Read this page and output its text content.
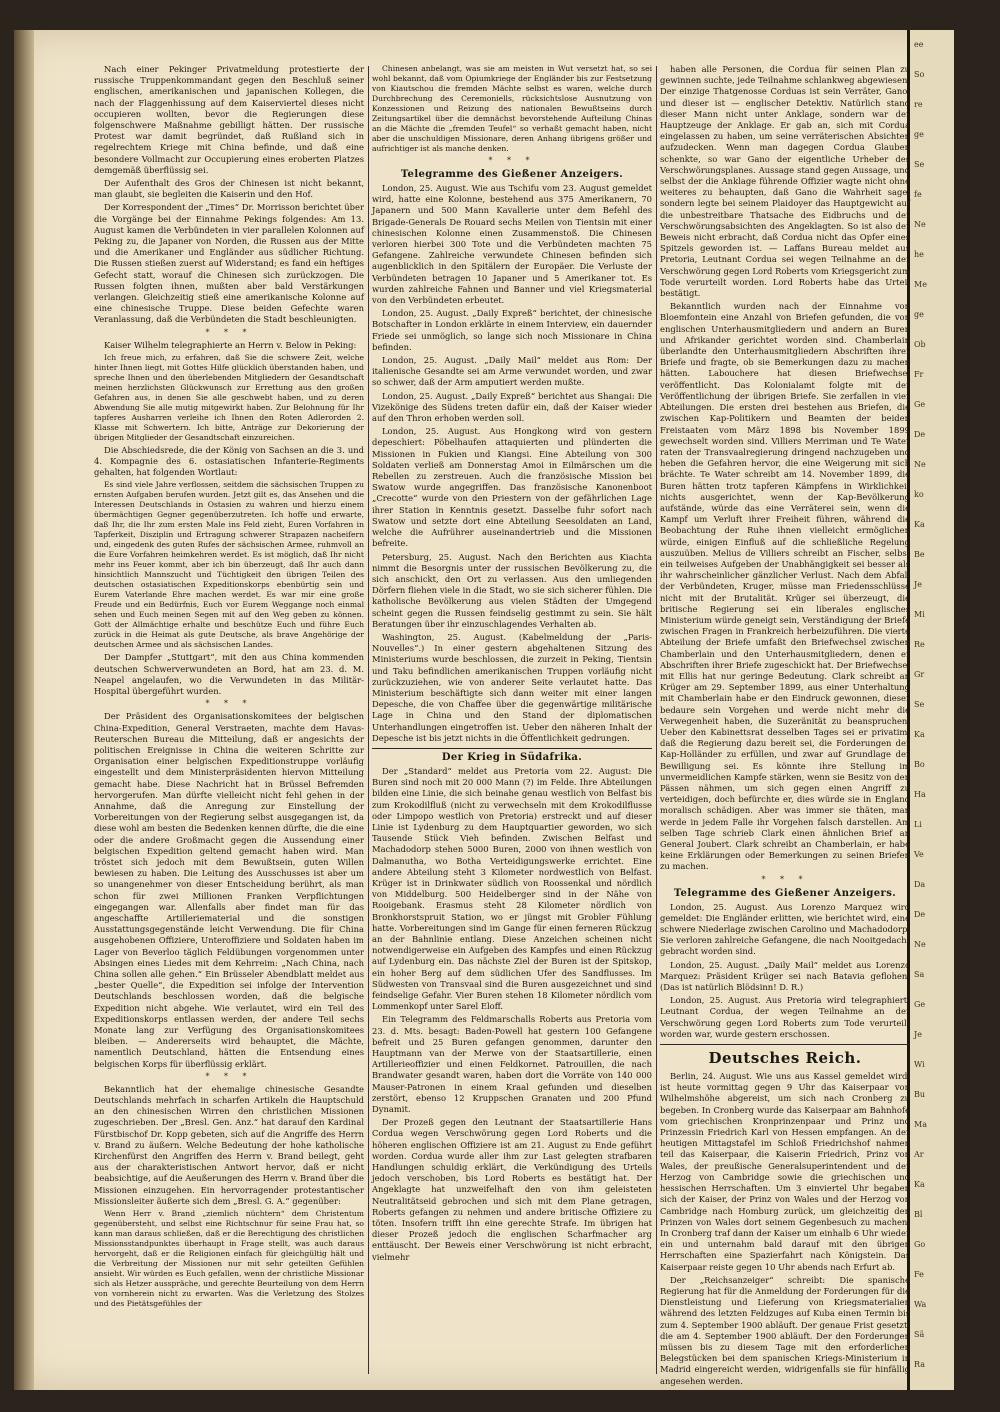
ee
So
re
ge
Se
fe
Ne
he
Me
ge
Ob
Fr
Ge
De
Ne
ko
Ka
Be
Je
Mi
Re
Gr
Se
Ka
Bo
Ha
Li
Ve
Da
De
Ne
Sa
Ge
Je
Wi
Bu
Ma
Ar
Ka
Bl
Go
Fe
Wa
Sä
Ra

Nach einer Pekinger Privatmeldung protestierte der russische Truppenkommandant gegen den Beschluß seiner englischen, amerikanischen und japanischen Kollegen, die nach der Flaggenhissung auf dem Kaiserviertel dieses nicht occupieren wollten, bevor die Regierungen diese folgenschwere Maßnahme gebilligt hätten. Der russische Protest war damit begründet, daß Rußland sich in regelrechtem Kriege mit China befinde, und daß eine besondere Vollmacht zur Occupierung eines eroberten Platzes demgemäß überflüssig sei.

Der Aufenthalt des Gros der Chinesen ist nicht bekannt, man glaubt, sie begleiten die Kaiserin und den Hof.

Der Korrespondent der „Times“ Dr. Morrisson berichtet über die Vorgänge bei der Einnahme Pekings folgendes: Am 13. August kamen die Verbündeten in vier parallelen Kolonnen auf Peking zu, die Japaner von Norden, die Russen aus der Mitte und die Amerikaner und Engländer aus südlicher Richtung. Die Russen stießen zuerst auf Widerstand; es fand ein heftiges Gefecht statt, worauf die Chinesen sich zurückzogen. Die Russen folgten ihnen, mußten aber bald Verstärkungen verlangen. Gleichzeitig stieß eine amerikanische Kolonne auf eine chinesische Truppe. Diese beiden Gefechte waren Veranlassung, daß die Verbündeten die Stadt beschleunigten.

* * *

Kaiser Wilhelm telegraphierte an Herrn v. Below in Peking:

Ich freue mich, zu erfahren, daß Sie die schwere Zeit, welche hinter Ihnen liegt, mit Gottes Hilfe glücklich überstanden haben, und spreche Ihnen und den überlebenden Mitgliedern der Gesandtschaft meinen herzlichsten Glückwunsch zur Errettung aus den großen Gefahren aus, in denen Sie alle geschwebt haben, und zu deren Abwendung Sie alle mutig mitgewirkt haben. Zur Belohnung für Ihr tapferes Ausharren verleihe ich Ihnen den Roten Adlerorden 2. Klasse mit Schwertern. Ich bitte, Anträge zur Dekorierung der übrigen Mitglieder der Gesandtschaft einzureichen.

Die Abschiedsrede, die der König von Sachsen an die 3. und 4. Kompagnie des 6. ostasiatischen Infanterie-Regiments gehalten, hat folgenden Wortlaut:

Es sind viele Jahre verflossen, seitdem die sächsischen Truppen zu ernsten Aufgaben berufen wurden. Jetzt gilt es, das Ansehen und die Interessen Deutschlands in Ostasien zu wahren und hierzu einem übermächtigen Gegner gegenüberzutreten. Ich hoffe und erwarte, daß Ihr, die Ihr zum ersten Male ins Feld zieht, Euren Vorfahren in Tapferkeit, Disziplin und Ertragung schwerer Strapazen nacheifern und, eingedenk des guten Rufes der sächsischen Armee, ruhmvoll an die Eure Vorfahren heimkehren werdet. Es ist möglich, daß Ihr nicht mehr ins Feuer kommt, aber ich bin überzeugt, daß Ihr auch dann hinsichtlich Mannszucht und Tüchtigkeit den übrigen Teilen des deutschen ostasiatischen Expeditionskorps ebenbürtig sein und Eurem Vaterlande Ehre machen werdet. Es war mir eine große Freude und ein Bedürfnis, Euch vor Eurem Weggange noch einmal sehen und Euch meinen Segen mit auf den Weg geben zu können. Gott der Allmächtige erhalte und beschütze Euch und führe Euch zurück in die Heimat als gute Deutsche, als brave Angehörige der deutschen Armee und als sächsischen Landes.

Der Dampfer „Stuttgart“, mit den aus China kommenden deutschen Schwerverwundeten an Bord, hat am 23. d. M. Neapel angelaufen, wo die Verwundeten in das Militär-Hospital übergeführt wurden.

* * *

Der Präsident des Organisationskomitees der belgischen China-Expedition, General Verstraeten, machte dem Havas-Reuterschen Bureau die Mitteilung, daß er angesichts der politischen Ereignisse in China die weiteren Schritte zur Organisation einer belgischen Expeditionstruppe vorläufig eingestellt und dem Ministerpräsidenten hiervon Mitteilung gemacht habe. Diese Nachricht hat in Brüssel Befremden hervorgerufen. Man dürfte vielleicht nicht fehl gehen in der Annahme, daß die Anregung zur Einstellung der Vorbereitungen von der Regierung selbst ausgegangen ist, da diese wohl am besten die Bedenken kennen dürfte, die die eine oder die andere Großmacht gegen die Aussendung einer belgischen Expedition geltend gemacht haben wird. Man tröstet sich jedoch mit dem Bewußtsein, guten Willen bewiesen zu haben. Die Leitung des Ausschusses ist aber um so unangenehmer von dieser Entscheidung berührt, als man schon für zwei Millionen Franken Verpflichtungen eingegangen war. Allenfalls aber findet man für das angeschaffte Artilleriematerial und die sonstigen Ausstattungsgegenstände leicht Verwendung. Die für China ausgehobenen Offiziere, Unteroffiziere und Soldaten haben im Lager von Beverloo täglich Feldübungen vorgenommen unter Absingen eines Liedes mit dem Kehrreim: „Nach China, nach China sollen alle gehen.“ Ein Brüsseler Abendblatt meldet aus „bester Quelle“, die Expedition sei infolge der Intervention Deutschlands beschlossen worden, daß die belgische Expedition nicht abgehe. Wie verlautet, wird ein Teil des Expeditionskorps entlassen werden, der andere Teil sechs Monate lang zur Verfügung des Organisationskomitees bleiben. — Andererseits wird behauptet, die Mächte, namentlich Deutschland, hätten die Entsendung eines belgischen Korps für überflüssig erklärt.

* * *

Bekanntlich hat der ehemalige chinesische Gesandte Deutschlands mehrfach in scharfen Artikeln die Hauptschuld an den chinesischen Wirren den christlichen Missionen zugeschrieben. Der „Bresl. Gen. Anz.“ hat darauf den Kardinal Fürstbischof Dr. Kopp gebeten, sich auf die Angriffe des Herrn v. Brand zu äußern. Welche Bedeutung der hohe katholische Kirchenfürst den Angriffen des Herrn v. Brand beilegt, geht aus der charakteristischen Antwort hervor, daß er nicht beabsichtige, auf die Aeußerungen des Herrn v. Brand über die Missionen einzugehen. Ein hervorragender protestantischer Missionsleiter äußerte sich dem „Bresl. G. A.“ gegenüber:

Wenn Herr v. Brand „ziemlich nüchtern“ dem Christentum gegenübersteht, und selbst eine Richtschnur für seine Frau hat, so kann man daraus schließen, daß er die Berechtigung des christlichen Missionsstandpunktes überhaupt in Frage stellt, was auch daraus hervorgeht, daß er die Religionen einfach für gleichgültig hält und die Verbreitung der Missionen nur mit sehr geteilten Gefühlen ansieht. Wir würden es Euch gefallen, wenn der christliche Missionar sich als Hetzer ausspräche, und gerechte Beurteilung von dem Herrn von vornherein nicht zu erwarten. Was die Verletzung des Stolzes und des Pietätsgefühles der

Chinesen anbelangt, was sie am meisten in Wut versetzt hat, so sei wohl bekannt, daß vom Opiumkriege der Engländer bis zur Festsetzung von Kiautschou die fremden Mächte selbst es waren, welche durch Durchbrechung des Ceremoniells, rücksichtslose Ausnutzung von Konzessionen und Reizung des nationalen Bewußtseins durch Zeitungsartikel über die demnächst bevorstehende Aufteilung Chinas an die Mächte die „fremden Teufel“ so verhaßt gemacht haben, nicht aber die unschuldigen Missionare, deren Anhang übrigens größer und aufrichtiger ist als manche denken.

* * *
Telegramme des Gießener Anzeigers.

London, 25. August. Wie aus Tschifu vom 23. August gemeldet wird, hatte eine Kolonne, bestehend aus 375 Amerikanern, 70 Japanern und 500 Mann Kavallerie unter dem Befehl des Brigade-Generals De Rouard sechs Meilen von Tientsin mit einer chinesischen Kolonne einen Zusammenstoß. Die Chinesen verloren hierbei 300 Tote und die Verbündeten machten 75 Gefangene. Zahlreiche verwundete Chinesen befinden sich augenblicklich in den Spitälern der Europäer. Die Verluste der Verbündeten betragen 10 Japaner und 5 Amerikaner tot. Es wurden zahlreiche Fahnen und Banner und viel Kriegsmaterial von den Verbündeten erbeutet.

London, 25. August. „Daily Expreß“ berichtet, der chinesische Botschafter in London erklärte in einem Interview, ein dauernder Friede sei unmöglich, so lange sich noch Missionare in China befinden.

London, 25. August. „Daily Mail“ meldet aus Rom: Der italienische Gesandte sei am Arme verwundet worden, und zwar so schwer, daß der Arm amputiert werden mußte.

London, 25. August. „Daily Expreß“ berichtet aus Shangai: Die Vizekönige des Südens treten dafür ein, daß der Kaiser wieder auf den Thron erhoben werden soll.

London, 25. August. Aus Hongkong wird von gestern depeschiert: Pöbelhaufen attaquierten und plünderten die Missionen in Fukien und Kiangsi. Eine Abteilung von 300 Soldaten verließ am Donnerstag Amoi in Eilmärschen um die Rebellen zu zerstreuen. Auch die französische Mission bei Swatow wurde angegriffen. Das französische Kanonenboot „Crecotte“ wurde von den Priestern von der gefährlichen Lage ihrer Station in Kenntnis gesetzt. Dasselbe fuhr sofort nach Swatow und setzte dort eine Abteilung Seesoldaten an Land, welche die Aufrührer auseinandertrieb und die Missionen befreite.

Petersburg, 25. August. Nach den Berichten aus Kiachta nimmt die Besorgnis unter der russischen Bevölkerung zu, die sich anschickt, den Ort zu verlassen. Aus den umliegenden Dörfern fliehen viele in die Stadt, wo sie sich sicherer fühlen. Die katholische Bevölkerung aus vielen Städten der Umgegend scheint gegen die Russen feindselig gestimmt zu sein. Sie hält Beratungen über ihr einzuschlagendes Verhalten ab.

Washington, 25. August. (Kabelmeldung der „Paris-Nouvelles“.) In einer gestern abgehaltenen Sitzung des Ministeriums wurde beschlossen, die zurzeit in Peking, Tientsin und Taku befindlichen amerikanischen Truppen vorläufig nicht zurückzuziehen, wie von anderer Seite verlautet hatte. Das Ministerium beschäftigte sich dann weiter mit einer langen Depesche, die von Chaffee über die gegenwärtige militärische Lage in China und den Stand der diplomatischen Unterhandlungen eingetroffen ist. Ueber den näheren Inhalt der Depesche ist bis jetzt nichts in die Öffentlichkeit gedrungen.

Der Krieg in Südafrika.

Der „Standard“ meldet aus Pretoria vom 22. August: Die Buren sind noch mit 20 000 Mann (?) im Felde. Ihre Abteilungen bilden eine Linie, die sich beinahe genau westlich von Belfast bis zum Krokodilfluß (nicht zu verwechseln mit dem Krokodilflusse oder Limpopo westlich von Pretoria) erstreckt und auf dieser Linie ist Lydenburg zu dem Hauptquartier geworden, wo sich Tausende Stück Vieh befinden. Zwischen Belfast und Machadodorp stehen 5000 Buren, 2000 von ihnen westlich von Dalmanutha, wo Botha Verteidigungswerke errichtet. Eine andere Abteilung steht 3 Kilometer nordwestlich von Belfast. Krüger ist in Drinkwater südlich von Roossenkal und nördlich von Middelburg. 500 Heidelberger sind in der Nähe von Rooigebank. Erasmus steht 28 Kilometer nördlich von Bronkhorstspruit Station, wo er jüngst mit Grobler Fühlung hatte. Vorbereitungen sind im Gange für einen ferneren Rückzug an der Bahnlinie entlang. Diese Anzeichen scheinen nicht notwendigerweise ein Aufgeben des Kampfes und einen Rückzug auf Lydenburg ein. Das nächste Ziel der Buren ist der Spitskop, ein hoher Berg auf dem südlichen Ufer des Sandflusses. Im Südwesten von Transvaal sind die Buren ausgezeichnet und sind feindselige Gefahr. Vier Buren stehen 18 Kilometer nördlich vom Lommenkopf unter Sarel Eloff.

Ein Telegramm des Feldmarschalls Roberts aus Pretoria vom 23. d. Mts. besagt: Baden-Powell hat gestern 100 Gefangene befreit und 25 Buren gefangen genommen, darunter den Hauptmann van der Merwe von der Staatsartillerie, einen Artillerieoffizier und einen Feldkornet. Patrouillen, die nach Brandwater gesandt waren, haben dort die Vorräte von 140 000 Mauser-Patronen in einem Kraal gefunden und dieselben zerstört, ebenso 12 Kruppschen Granaten und 200 Pfund Dynamit.

Der Prozeß gegen den Leutnant der Staatsartillerie Hans Cordua wegen Verschwörung gegen Lord Roberts und die höheren englischen Offiziere ist am 21. August zu Ende geführt worden. Cordua wurde aller ihm zur Last gelegten strafbaren Handlungen schuldig erklärt, die Verkündigung des Urteils jedoch verschoben, bis Lord Roberts es bestätigt hat. Der Angeklagte hat unzweifelhaft den von ihm geleisteten Neutralitätseid gebrochen und sich mit dem Plane getragen, Roberts gefangen zu nehmen und andere britische Offiziere zu töten. Insofern trifft ihn eine gerechte Strafe. Im übrigen hat dieser Prozeß jedoch die englischen Scharfmacher arg enttäuscht. Der Beweis einer Verschwörung ist nicht erbracht, vielmehr

haben alle Personen, die Cordua für seinen Plan zu gewinnen suchte, jede Teilnahme schlankweg abgewiesen. Der einzige Thatgenosse Corduas ist sein Verräter, Gano, und dieser ist — englischer Detektiv. Natürlich stand dieser Mann nicht unter Anklage, sondern war der Hauptzeuge der Anklage. Er gab an, sich mit Cordua eingelassen zu haben, um seine verräterischen Absichten aufzudecken. Wenn man dagegen Cordua Glauben schenkte, so war Gano der eigentliche Urheber des Verschwörungsplanes. Aussage stand gegen Aussage, und selbst der die Anklage führende Offizier wagte nicht ohne weiteres zu behaupten, daß Gano die Wahrheit sage, sondern legte bei seinem Plaidoyer das Hauptgewicht auf die unbestreitbare Thatsache des Eidbruchs und der Verschwörungsabsichten des Angeklagten. So ist also der Beweis nicht erbracht, daß Cordua nicht das Opfer eines Spitzels geworden ist. — Laffans Bureau meldet aus Pretoria, Leutnant Cordua sei wegen Teilnahme an der Verschwörung gegen Lord Roberts vom Kriegsgericht zum Tode verurteilt worden. Lord Roberts habe das Urteil bestätigt.

Bekanntlich wurden nach der Einnahme von Bloemfontein eine Anzahl von Briefen gefunden, die von englischen Unterhausmitgliedern und andern an Buren und Afrikander gerichtet worden sind. Chamberlain überlandte den Unterhausmitgliedern Abschriften ihrer Briefe und fragte, ob sie Bemerkungen dazu zu machen hätten. Labouchere hat diesen Briefwechsel veröffentlicht. Das Kolonialamt folgte mit der Veröffentlichung der übrigen Briefe. Sie zerfallen in vier Abteilungen. Die ersten drei bestehen aus Briefen, die zwischen Kap-Politikern und Beamten der beiden Freistaaten vom März 1898 bis November 1899 gewechselt worden sind. Villiers Merriman und Te Water raten der Transvaalregierung dringend nachzugeben und heben die Gefahren hervor, die eine Weigerung mit sich brächte. Te Water schreibt am 14. November 1899, die Buren hätten trotz tapferen Kämpfens in Wirklichkeit nichts ausgerichtet, wenn der Kap-Bevölkerung aufstände, würde das eine Verräterei sein, wenn die Kampf um Verluft ihrer Freiheit führen, während die Beobachtung der Ruhe ihnen vielleicht ermöglichen würde, einigen Einfluß auf die schließliche Regelung auszuüben. Melius de Villiers schreibt an Fischer, selbst ein teilweises Aufgeben der Unabhängigkeit sei besser als ihr wahrscheinlicher gänzlicher Verlust. Nach dem Abfall der Verbündeten, Kruger, müsse man Friedensschlüsse nicht mit der Brutalität. Krüger sei überzeugt, die britische Regierung sei ein liberales englisches Ministerium würde geneigt sein, Verständigung der Briefe zwischen Fragen in Frankreich herbeizuführen. Die vierte Abteilung der Briefe umfaßt den Briefwechsel zwischen Chamberlain und den Unterhausmitgliedern, denen er Abschriften ihrer Briefe zugeschickt hat. Der Briefwechsel mit Ellis hat nur geringe Bedeutung. Clark schreibt an Krüger am 29. September 1899, aus einer Unterhaltung mit Chamberlain habe er den Eindruck gewonnen, dieser bedaure sein Vorgehen und werde nicht mehr die Verwegenheit haben, die Suzeränität zu beanspruchen. Ueber den Kabinettsrat desselben Tages sei er privatim, daß die Regierung dazu bereit sei, die Forderungen der Kap-Holländer zu erfüllen, und zwar auf Grundlage der Bewilligung sei. Es könnte ihre Stellung im unvermeidlichen Kampfe stärken, wenn sie Besitz von den Pässen nähmen, um sich gegen einen Angriff zu verteidigen, doch befürchte er, dies würde sie in England moralisch schädigen. Aber was immer sie thäten, man werde in jedem Falle ihr Vorgehen falsch darstellen. Am selben Tage schrieb Clark einen ähnlichen Brief an General Joubert. Clark schreibt an Chamberlain, er habe keine Erklärungen oder Bemerkungen zu seinen Briefen zu machen.

* * *
Telegramme des Gießener Anzeigers.

London, 25. August. Aus Lorenzo Marquez wird gemeldet: Die Engländer erlitten, wie berichtet wird, eine schwere Niederlage zwischen Carolino und Machadodorp. Sie verloren zahlreiche Gefangene, die nach Nooitgedacht gebracht worden sind.

London, 25. August. „Daily Mail“ meldet aus Lorenzo Marquez: Präsident Krüger sei nach Batavia geflohen. (Das ist natürlich Blödsinn! D. R.)

London, 25. August. Aus Pretoria wird telegraphiert: Leutnant Cordua, der wegen Teilnahme an der Verschwörung gegen Lord Roberts zum Tode verurteilt worden war, wurde gestern erschossen.

Deutsches Reich.

Berlin, 24. August. Wie uns aus Kassel gemeldet wird, ist heute vormittag gegen 9 Uhr das Kaiserpaar von Wilhelmshöhe abgereist, um sich nach Cronberg zu begeben. In Cronberg wurde das Kaiserpaar am Bahnhofe vom griechischen Kronprinzenpaar und Prinz und Prinzessin Friedrich Karl von Hessen empfangen. An der heutigen Mittagstafel im Schloß Friedrichshof nahmen teil das Kaiserpaar, die Kaiserin Friedrich, Prinz von Wales, der preußische Generalsuperintendent und der Herzog von Cambridge sowie die griechischen und hessischen Herrschaften. Um 3 einviertel Uhr begaben sich der Kaiser, der Prinz von Wales und der Herzog von Cambridge nach Homburg zurück, um gleichzeitig den Prinzen von Wales dort seinem Gegenbesuch zu machen. In Cronberg traf dann der Kaiser um einhalb 6 Uhr wieder ein und unternahm bald darauf mit den übrigen Herrschaften eine Spazierfahrt nach Königstein. Das Kaiserpaar reiste gegen 10 Uhr abends nach Erfurt ab.

Der „Reichsanzeiger“ schreibt: Die spanische Regierung hat für die Anmeldung der Forderungen für die Dienstleistung und Lieferung von Kriegsmaterialien während des letzten Feldzuges auf Kuba einen Termin bis zum 4. September 1900 abläuft. Der genaue Frist gesetzt, die am 4. September 1900 abläuft. Der den Forderungen müssen bis zu diesem Tage mit den erforderlichen Belegstücken bei dem spanischen Kriegs-Ministerium in Madrid eingereicht werden, widrigenfalls sie für hinfällig angesehen werden.
